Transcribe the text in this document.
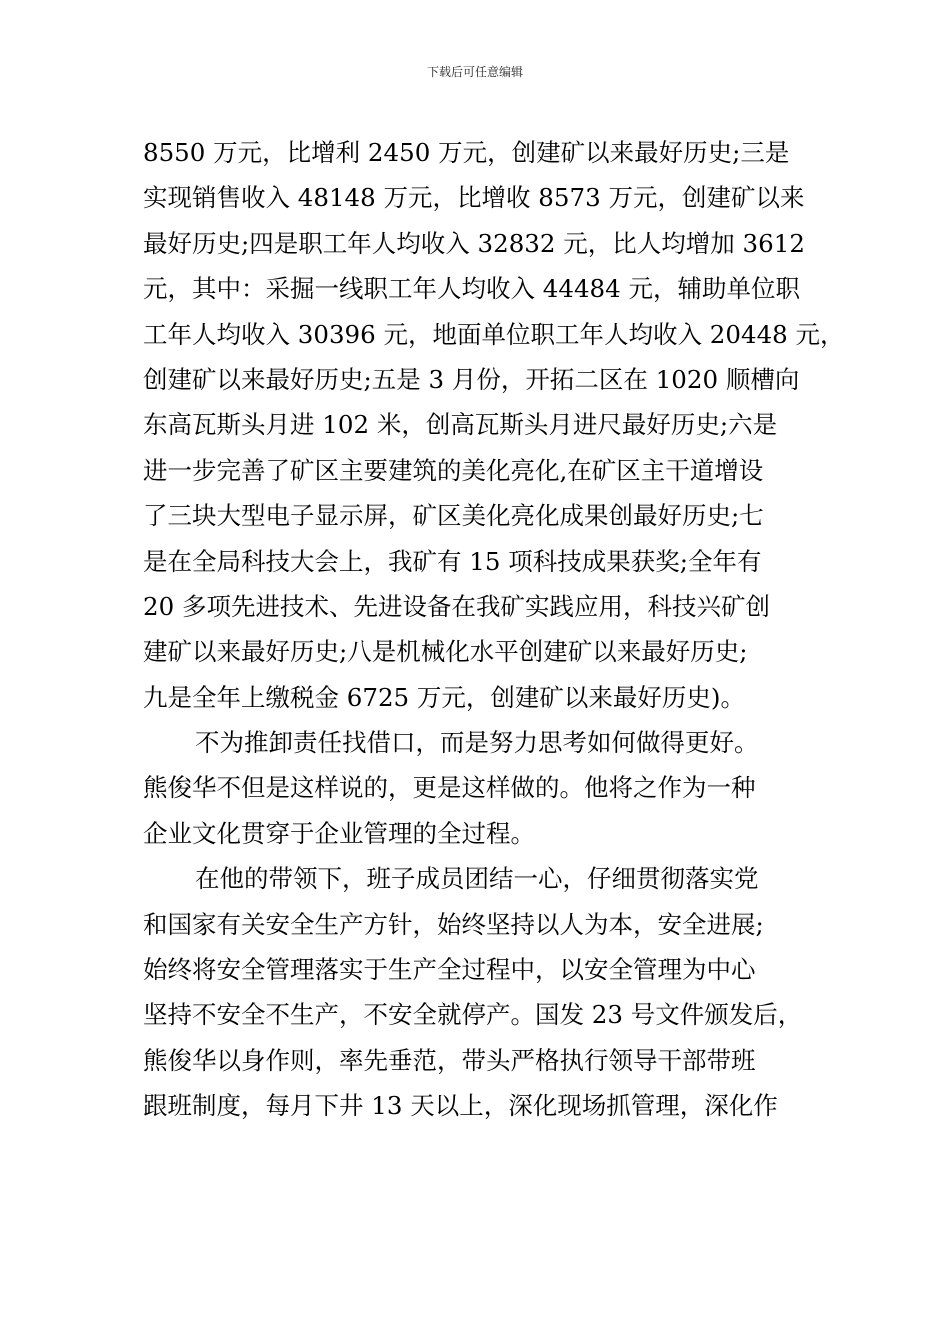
下载后可任意编辑
8550 万元，比增利 2450 万元，创建矿以来最好历史;三是
实现销售收入 48148 万元，比增收 8573 万元，创建矿以来
最好历史;四是职工年人均收入 32832 元，比人均增加 3612
元，其中：采掘一线职工年人均收入 44484 元，辅助单位职
工年人均收入 30396 元，地面单位职工年人均收入 20448 元，
创建矿以来最好历史;五是 3 月份，开拓二区在 1020 顺槽向
东高瓦斯头月进 102 米，创高瓦斯头月进尺最好历史;六是
进一步完善了矿区主要建筑的美化亮化,在矿区主干道增设
了三块大型电子显示屏，矿区美化亮化成果创最好历史;七
是在全局科技大会上，我矿有 15 项科技成果获奖;全年有
20 多项先进技术、先进设备在我矿实践应用，科技兴矿创
建矿以来最好历史;八是机械化水平创建矿以来最好历史;
九是全年上缴税金 6725 万元，创建矿以来最好历史)。
不为推卸责任找借口，而是努力思考如何做得更好。
熊俊华不但是这样说的，更是这样做的。他将之作为一种
企业文化贯穿于企业管理的全过程。
在他的带领下，班子成员团结一心，仔细贯彻落实党
和国家有关安全生产方针，始终坚持以人为本，安全进展;
始终将安全管理落实于生产全过程中，以安全管理为中心
坚持不安全不生产，不安全就停产。国发 23 号文件颁发后，
熊俊华以身作则，率先垂范，带头严格执行领导干部带班
跟班制度，每月下井 13 天以上，深化现场抓管理，深化作
